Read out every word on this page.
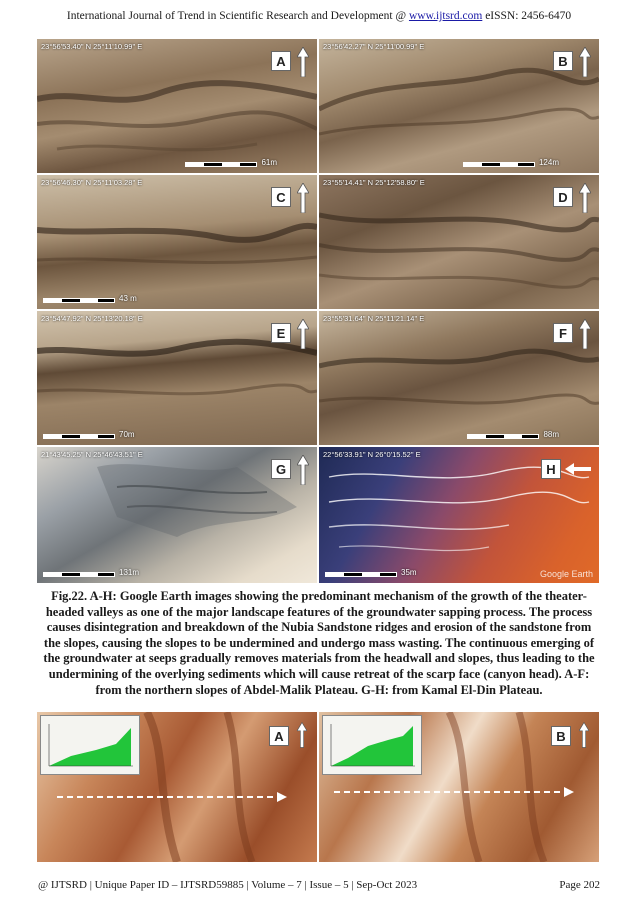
International Journal of Trend in Scientific Research and Development @ www.ijtsrd.com eISSN: 2456-6470
23°56'53.40" N 25°11'10.99" E
A
61m
23°56'42.27" N 25°11'00.99" E
B
124m
23°56'46.30" N 25°11'03.28" E
C
43 m
23°55'14.41" N 25°12'58.80" E
D
23°54'47.92" N 25°13'20.18" E
E
70m
23°55'31.64" N 25°11'21.14" E
F
88m
21°43'45.25" N 25°46'43.51" E
G
131m
22°56'33.91" N 26°0'15.52" E
H
35m	Google Earth
Fig.22. A-H: Google Earth images showing the predominant mechanism of the growth of the theater-headed valleys as one of the major landscape features of the groundwater sapping process. The process causes disintegration and breakdown of the Nubia Sandstone ridges and erosion of the sandstone from the slopes, causing the slopes to be undermined and undergo mass wasting. The continuous emerging of the groundwater at seeps gradually removes materials from the headwall and slopes, thus leading to the undermining of the overlying sediments which will cause retreat of the scarp face (canyon head). A-F: from the northern slopes of Abdel-Malik Plateau. G-H: from Kamal El-Din Plateau.
A	B
@ IJTSRD | Unique Paper ID – IJTSRD59885 | Volume – 7 | Issue – 5 | Sep-Oct 2023	Page 202
